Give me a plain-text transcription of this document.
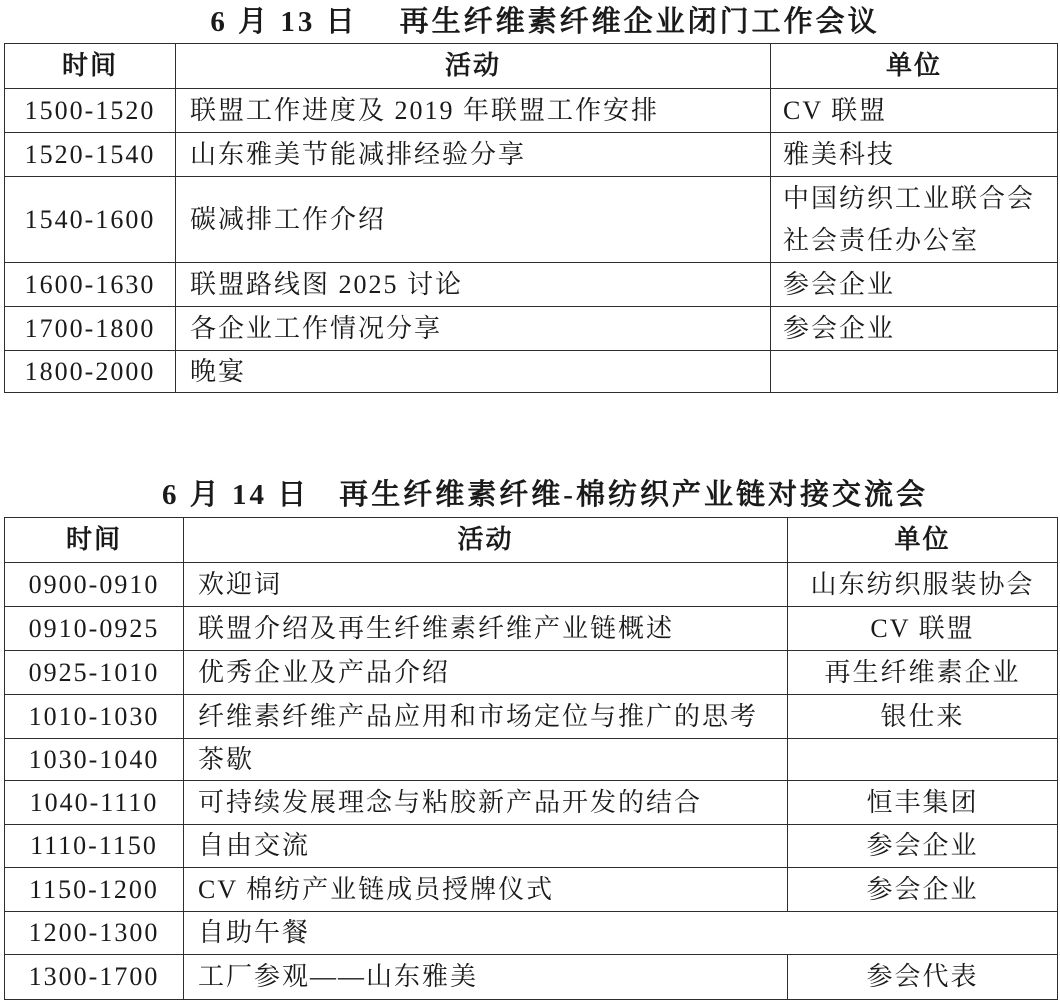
6 月 13 日 再生纤维素纤维企业闭门工作会议
时间	活动	单位
1500-1520	联盟工作进度及 2019 年联盟工作安排	CV 联盟

1520-1540	山东雅美节能减排经验分享	雅美科技

1540-1600	碳减排工作介绍	中国纺织工业联合会
社会责任办公室

1600-1630	联盟路线图 2025 讨论	参会企业

1700-1800	各企业工作情况分享	参会企业

1800-2000	晚宴	
6 月 14 日 再生纤维素纤维-棉纺织产业链对接交流会
时间	活动	单位
0900-0910	欢迎词	山东纺织服装协会
0910-0925	联盟介绍及再生纤维素纤维产业链概述	CV 联盟
0925-1010	优秀企业及产品介绍	再生纤维素企业
1010-1030	纤维素纤维产品应用和市场定位与推广的思考	银仕来
1030-1040	茶歇	
1040-1110	可持续发展理念与粘胶新产品开发的结合	恒丰集团
1110-1150	自由交流	参会企业
1150-1200	CV 棉纺产业链成员授牌仪式	参会企业
1200-1300	自助午餐	
1300-1700	工厂参观——山东雅美	参会代表
